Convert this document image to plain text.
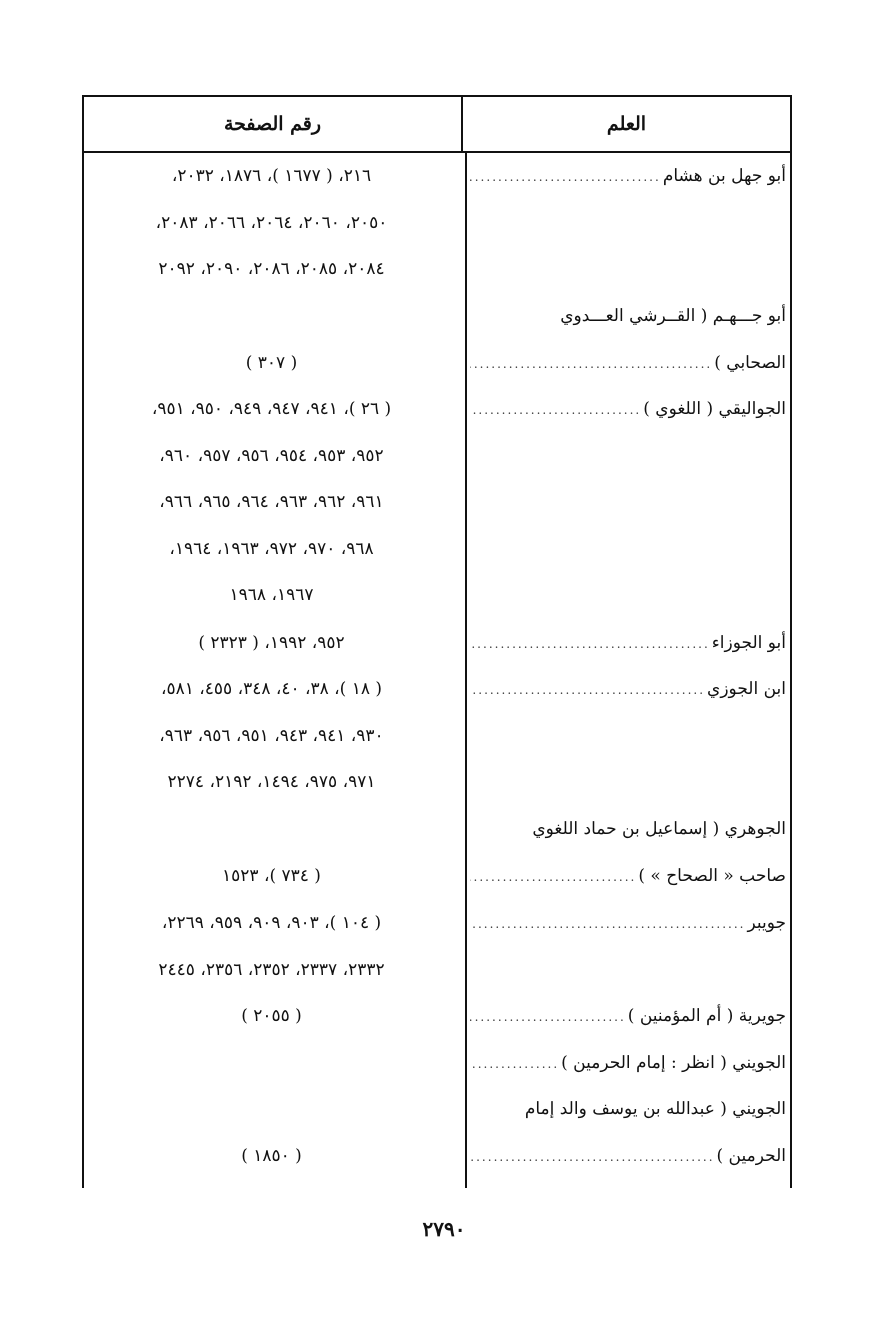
رقم الصفحة	العلم
أبو جهل بن هشام
.....
٢١٦، ( ١٦٧٧ )، ١٨٧٦، ٢٠٣٢،
٢٠٥٠، ٢٠٦٠، ٢٠٦٤، ٢٠٦٦، ٢٠٨٣،
٢٠٨٤، ٢٠٨٥، ٢٠٨٦، ٢٠٩٠، ٢٠٩٢
أبو جـــهـم ( القــرشي العـــدوي
الصحابي )
.....

( ٣٠٧ )
الجواليقي ( اللغوي )
.....
( ٢٦ )، ٩٤١، ٩٤٧، ٩٤٩، ٩٥٠، ٩٥١،
٩٥٢، ٩٥٣، ٩٥٤، ٩٥٦، ٩٥٧، ٩٦٠،
٩٦١، ٩٦٢، ٩٦٣، ٩٦٤، ٩٦٥، ٩٦٦،
٩٦٨، ٩٧٠، ٩٧٢، ١٩٦٣، ١٩٦٤،
١٩٦٧، ١٩٦٨
أبو الجوزاء
.....
٩٥٢، ١٩٩٢، ( ٢٣٢٣ )
ابن الجوزي
.....
( ١٨ )، ٣٨، ٤٠، ٣٤٨، ٤٥٥، ٥٨١،
٩٣٠، ٩٤١، ٩٤٣، ٩٥١، ٩٥٦، ٩٦٣،
٩٧١، ٩٧٥، ١٤٩٤، ٢١٩٢، ٢٢٧٤
الجوهري ( إسماعيل بن حماد اللغوي
صاحب « الصحاح » )
.....

( ٧٣٤ )، ١٥٢٣
جويبر
.....
( ١٠٤ )، ٩٠٣، ٩٠٩، ٩٥٩، ٢٢٦٩،
٢٣٣٢، ٢٣٣٧، ٢٣٥٢، ٢٣٥٦، ٢٤٤٥
جويرية ( أم المؤمنين )
.....
( ٢٠٥٥ )
الجويني ( انظر : إمام الحرمين )
.....
الجويني ( عبدالله بن يوسف والد إمام
الحرمين )
.....

( ١٨٥٠ )
٢٧٩٠
